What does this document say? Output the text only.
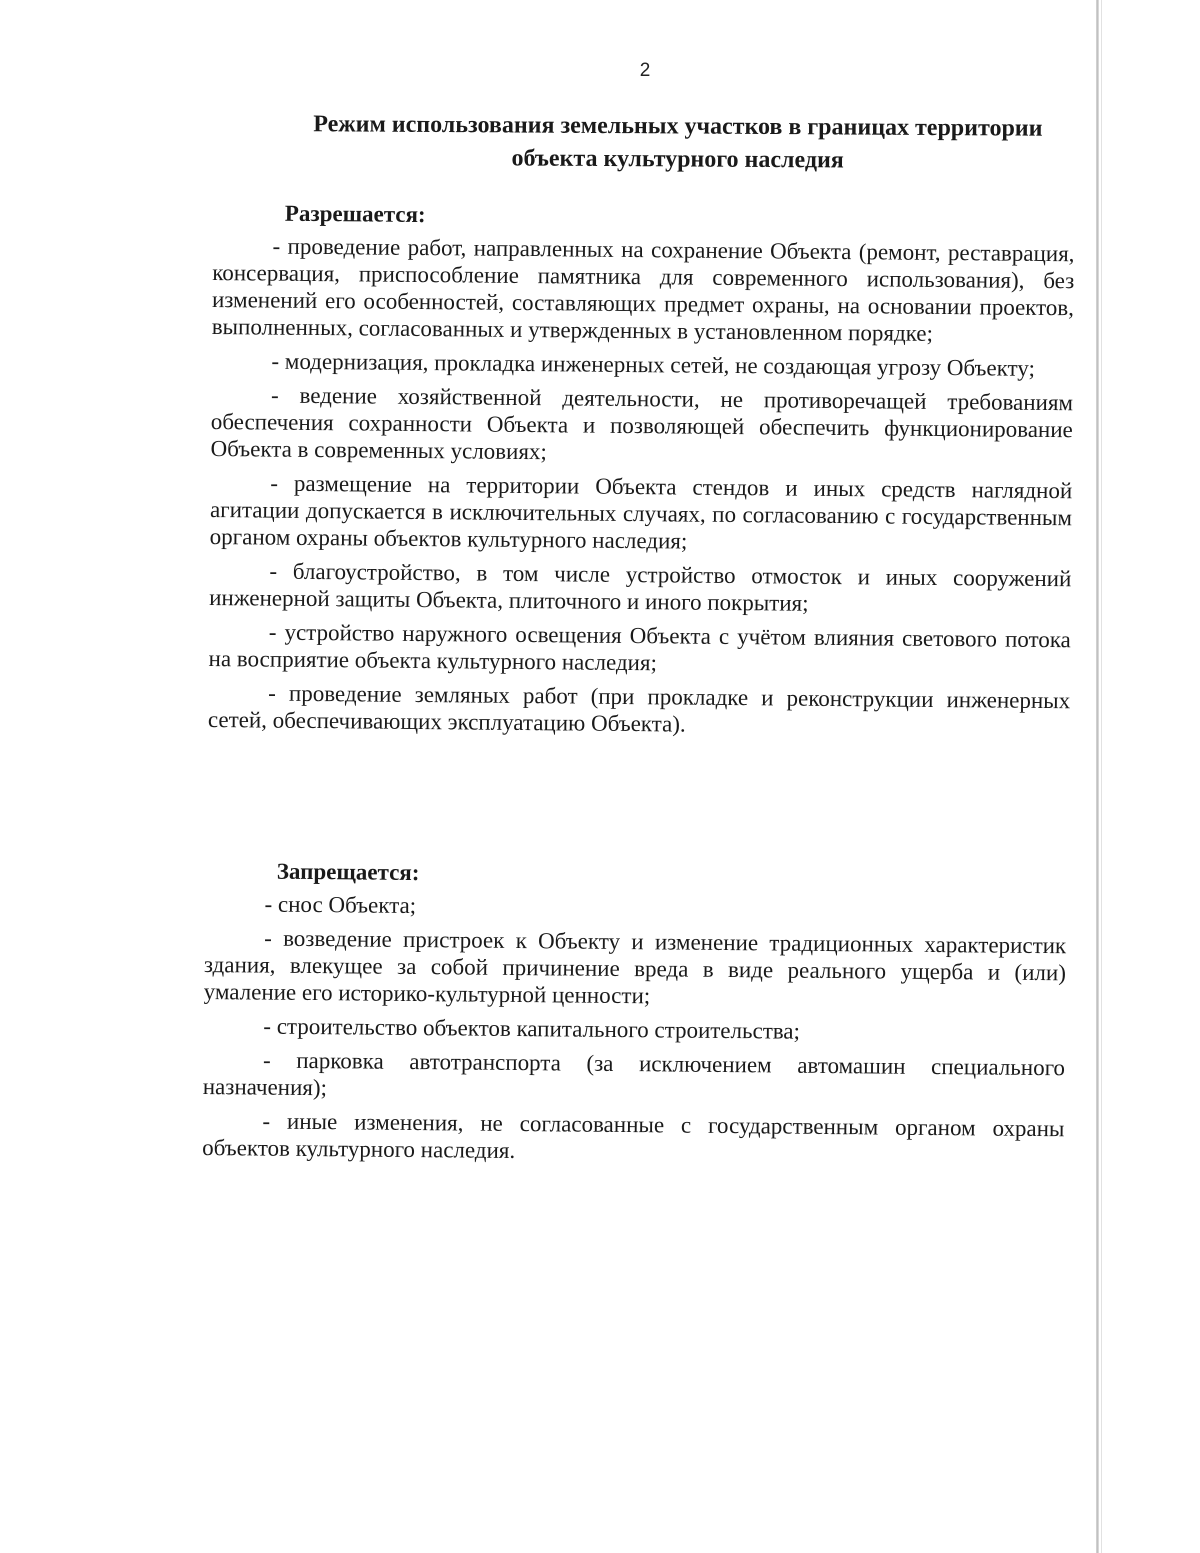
2
Режим использования земельных участков в границах территории объекта культурного наследия
Разрешается:

- проведение работ, направленных на сохранение Объекта (ремонт, реставрация, консервация, приспособление памятника для современного использования), без изменений его особенностей, составляющих предмет охраны, на основании проектов, выполненных, согласованных и утвержденных в установленном порядке;

- модернизация, прокладка инженерных сетей, не создающая угрозу Объекту;

- ведение хозяйственной деятельности, не противоречащей требованиям обеспечения сохранности Объекта и позволяющей обеспечить функционирование Объекта в современных условиях;

- размещение на территории Объекта стендов и иных средств наглядной агитации допускается в исключительных случаях, по согласованию с государственным органом охраны объектов культурного наследия;

- благоустройство, в том числе устройство отмосток и иных сооружений инженерной защиты Объекта, плиточного и иного покрытия;

- устройство наружного освещения Объекта с учётом влияния светового потока на восприятие объекта культурного наследия;

- проведение земляных работ (при прокладке и реконструкции инженерных сетей, обеспечивающих эксплуатацию Объекта).

Запрещается:

- снос Объекта;

- возведение пристроек к Объекту и изменение традиционных характеристик здания, влекущее за собой причинение вреда в виде реального ущерба и (или) умаление его историко-культурной ценности;

- строительство объектов капитального строительства;

- парковка автотранспорта (за исключением автомашин специального назначения);

- иные изменения, не согласованные с государственным органом охраны объектов культурного наследия.
